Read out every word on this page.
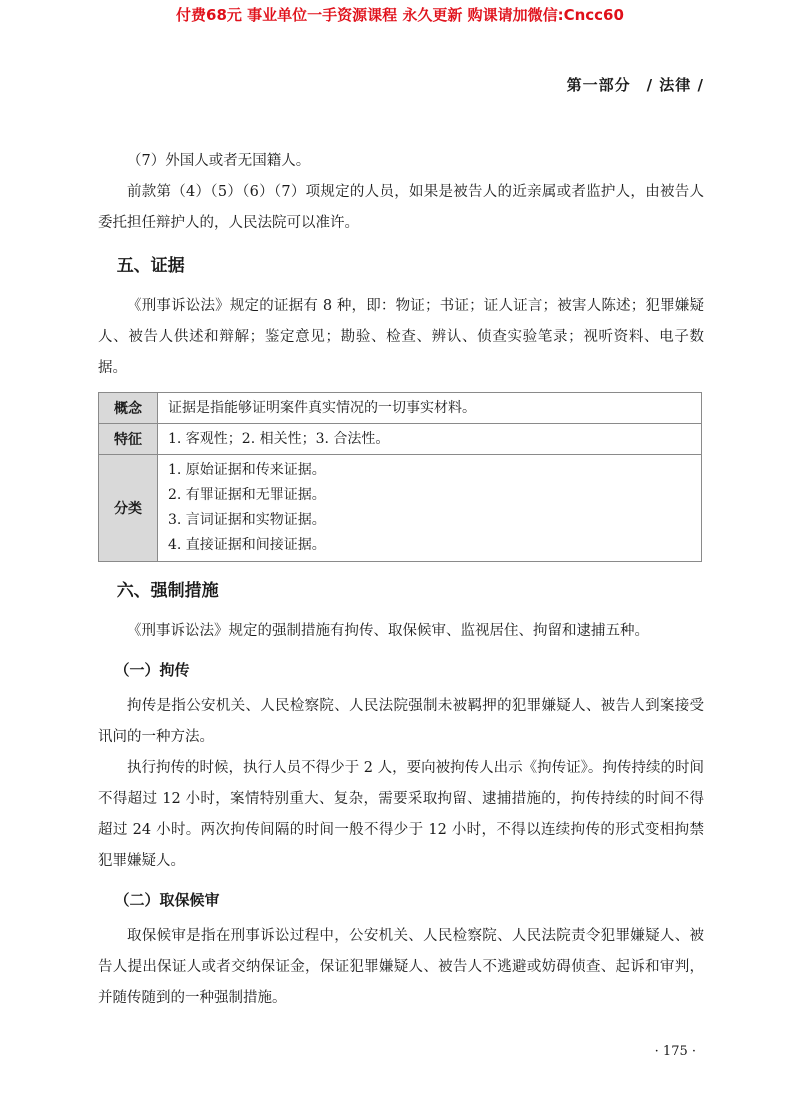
付费68元 事业单位一手资源课程 永久更新 购课请加微信:Cncc60
第一部分　/ 法律 /

（7）外国人或者无国籍人。

前款第（4）（5）（6）（7）项规定的人员，如果是被告人的近亲属或者监护人，由被告人委托担任辩护人的，人民法院可以准许。

五、证据

《刑事诉讼法》规定的证据有 8 种，即：物证；书证；证人证言；被害人陈述；犯罪嫌疑人、被告人供述和辩解；鉴定意见；勘验、检查、辨认、侦查实验笔录；视听资料、电子数据。

概念	证据是指能够证明案件真实情况的一切事实材料。
特征	1. 客观性；2. 相关性；3. 合法性。
分类	1. 原始证据和传来证据。
2. 有罪证据和无罪证据。
3. 言词证据和实物证据。
4. 直接证据和间接证据。
六、强制措施

《刑事诉讼法》规定的强制措施有拘传、取保候审、监视居住、拘留和逮捕五种。

（一）拘传

拘传是指公安机关、人民检察院、人民法院强制未被羁押的犯罪嫌疑人、被告人到案接受讯问的一种方法。

执行拘传的时候，执行人员不得少于 2 人，要向被拘传人出示《拘传证》。拘传持续的时间不得超过 12 小时，案情特别重大、复杂，需要采取拘留、逮捕措施的，拘传持续的时间不得超过 24 小时。两次拘传间隔的时间一般不得少于 12 小时，不得以连续拘传的形式变相拘禁犯罪嫌疑人。

（二）取保候审

取保候审是指在刑事诉讼过程中，公安机关、人民检察院、人民法院责令犯罪嫌疑人、被告人提出保证人或者交纳保证金，保证犯罪嫌疑人、被告人不逃避或妨碍侦查、起诉和审判，并随传随到的一种强制措施。

· 175 ·
